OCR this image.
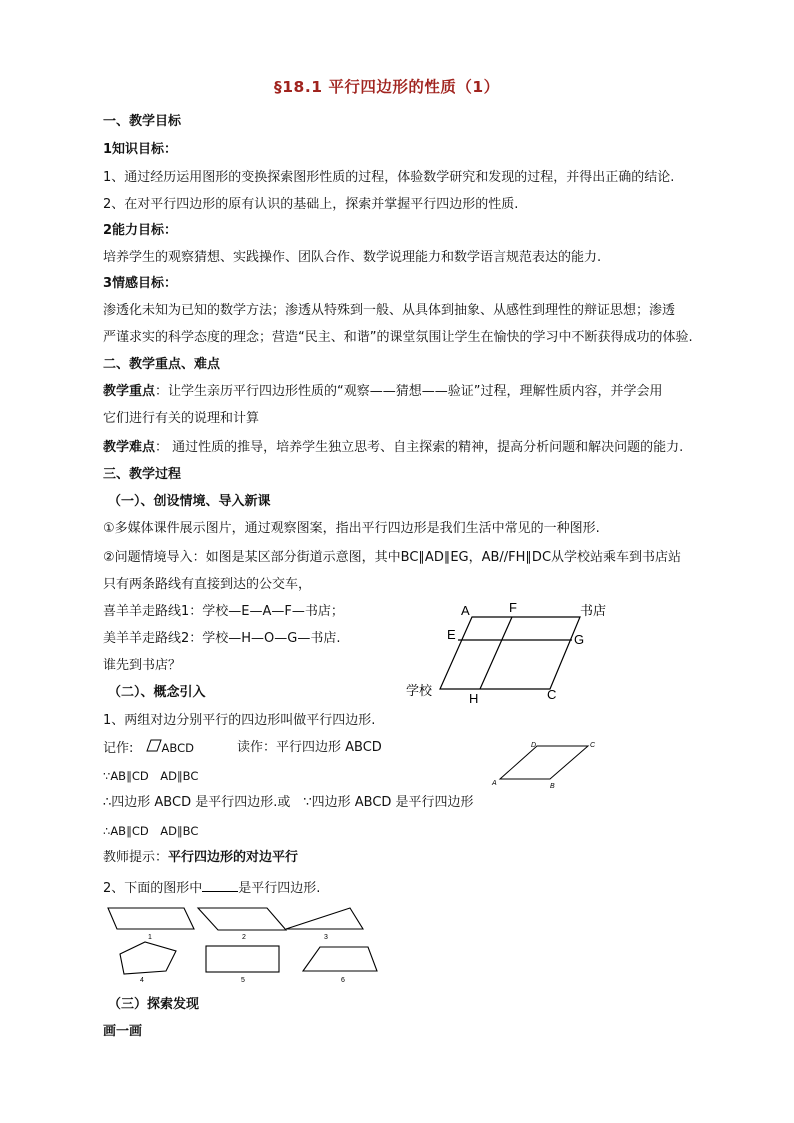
§18.1 平行四边形的性质（1）
一、教学目标
1知识目标：
1、通过经历运用图形的变换探索图形性质的过程，体验数学研究和发现的过程，并得出正确的结论.
2、在对平行四边形的原有认识的基础上，探索并掌握平行四边形的性质.
2能力目标：
培养学生的观察猜想、实践操作、团队合作、数学说理能力和数学语言规范表达的能力.
3情感目标：
渗透化未知为已知的数学方法；渗透从特殊到一般、从具体到抽象、从感性到理性的辩证思想；渗透
严谨求实的科学态度的理念；营造“民主、和谐”的课堂氛围让学生在愉快的学习中不断获得成功的体验.
二、教学重点、难点
教学重点：让学生亲历平行四边形性质的“观察——猜想——验证”过程，理解性质内容，并学会用
它们进行有关的说理和计算
教学难点： 通过性质的推导，培养学生独立思考、自主探索的精神，提高分析问题和解决问题的能力.
三、教学过程
（一）、创设情境、导入新课
①多媒体课件展示图片，通过观察图案，指出平行四边形是我们生活中常见的一种图形.
②问题情境导入：如图是某区部分街道示意图，其中BC∥AD∥EG，AB//FH∥DC从学校站乘车到书店站
只有两条路线有直接到达的公交车，
喜羊羊走路线1：学校—E—A—F—书店；
美羊羊走路线2：学校—H—O—G—书店.
谁先到书店？
A	F	书店
E	G
学校	H	C
（二）、概念引入
1、两组对边分别平行的四边形叫做平行四边形.
记作: ABCD	读作：平行四边形 ABCD
∵AB∥CD　AD∥BC
A	B
C
D
∴四边形 ABCD 是平行四边形.或　∵四边形 ABCD 是平行四边形
∴AB∥CD　AD∥BC
教师提示：平行四边形的对边平行
2、下面的图形中	是平行四边形.
1	2	3
4	5	6
（三）探索发现
画一画
